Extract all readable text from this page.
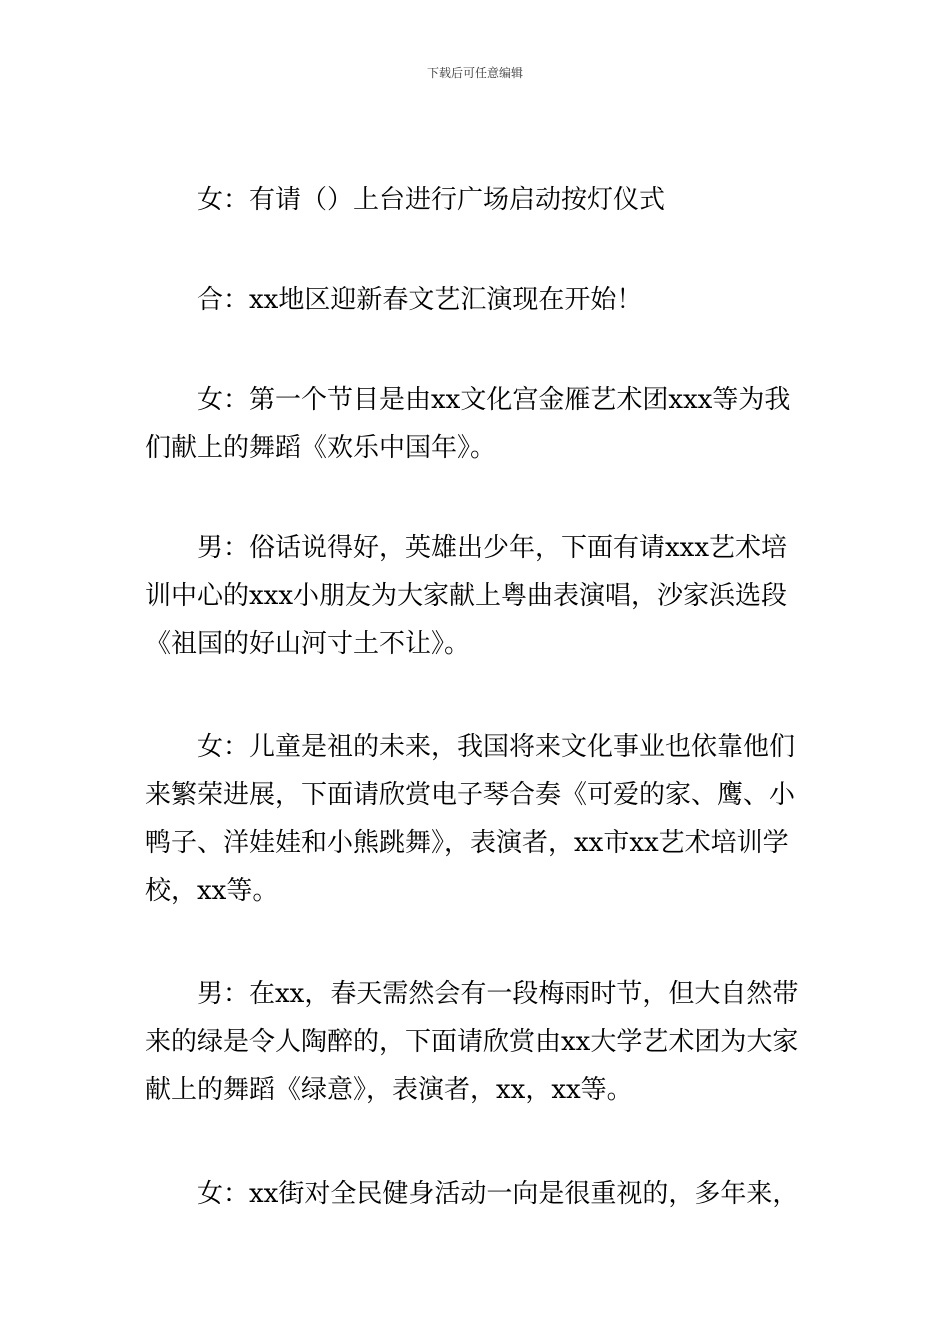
下载后可任意编辑

女：有请（）上台进行广场启动按灯仪式

合：xx地区迎新春文艺汇演现在开始！

女：第一个节目是由xx文化宫金雁艺术团xxx等为我们献上的舞蹈《欢乐中国年》。

男：俗话说得好，英雄出少年，下面有请xxx艺术培训中心的xxx小朋友为大家献上粤曲表演唱，沙家浜选段《祖国的好山河寸土不让》。

女：儿童是祖的未来，我国将来文化事业也依靠他们来繁荣进展，下面请欣赏电子琴合奏《可爱的家、鹰、小鸭子、洋娃娃和小熊跳舞》，表演者，xx市xx艺术培训学校，xx等。

男：在xx，春天需然会有一段梅雨时节，但大自然带来的绿是令人陶醉的，下面请欣赏由xx大学艺术团为大家献上的舞蹈《绿意》，表演者，xx，xx等。

女：xx街对全民健身活动一向是很重视的，多年来，
